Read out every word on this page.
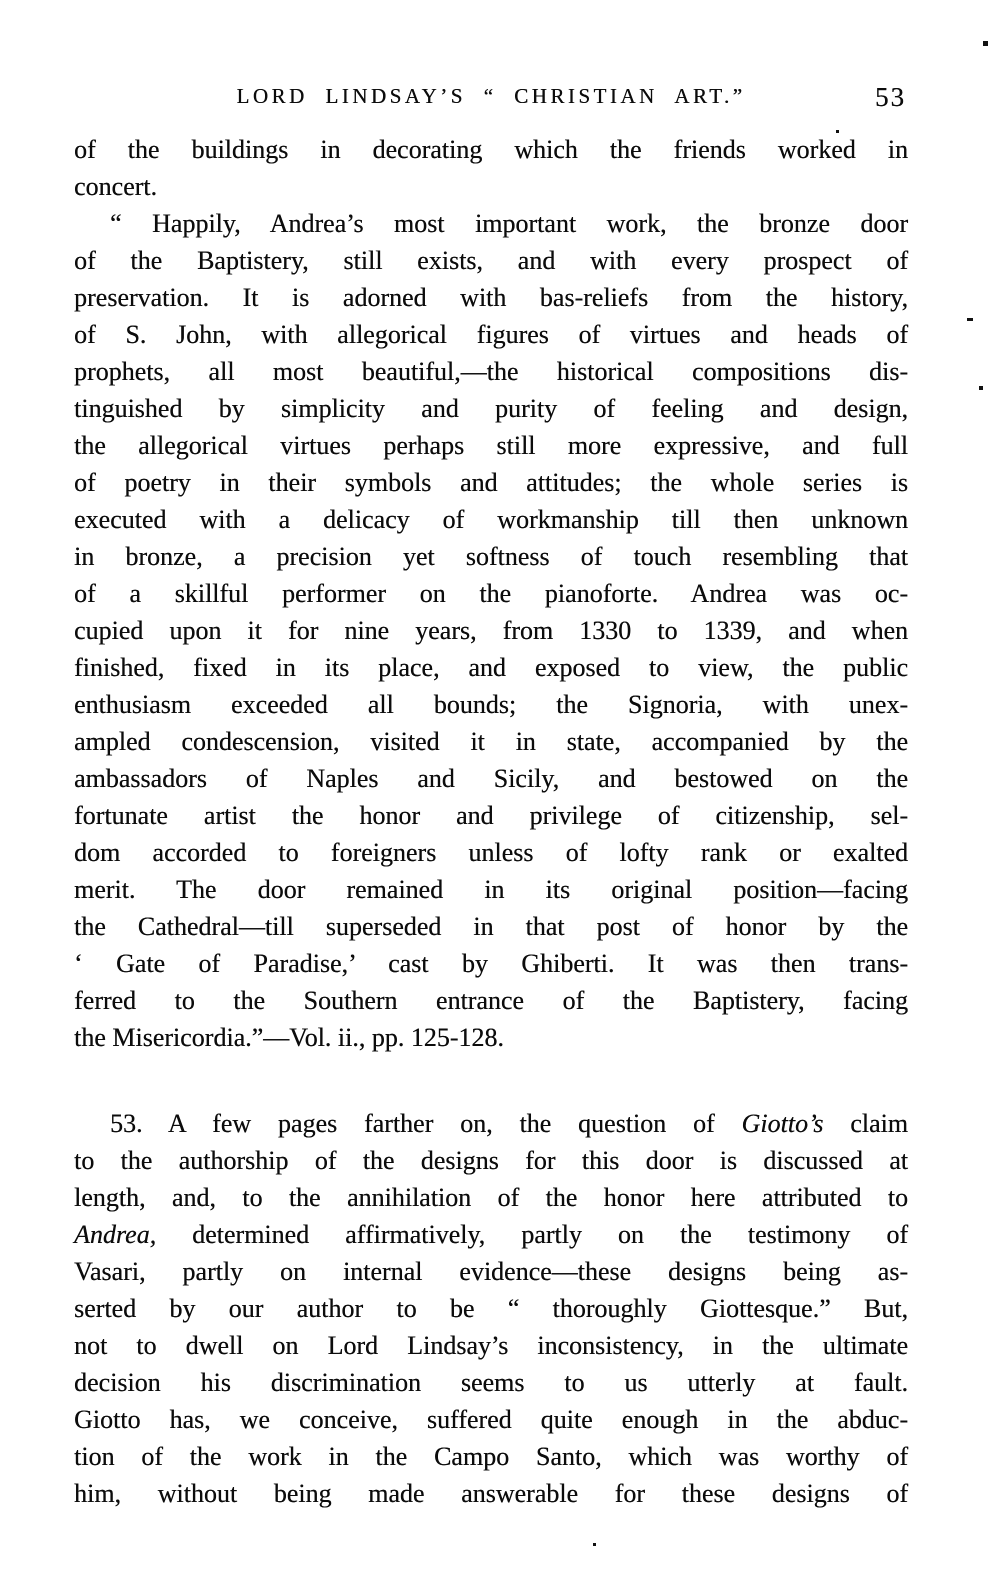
LORD LINDSAY’S “ CHRISTIAN ART.”	53
of the buildings in decorating which the friends worked in
concert.
“ Happily, Andrea’s most important work, the bronze door
of the Baptistery, still exists, and with every prospect of
preservation. It is adorned with bas-reliefs from the history,
of S. John, with allegorical figures of virtues and heads of
prophets, all most beautiful,—the historical compositions dis-
tinguished by simplicity and purity of feeling and design,
the allegorical virtues perhaps still more expressive, and full
of poetry in their symbols and attitudes; the whole series is
executed with a delicacy of workmanship till then unknown
in bronze, a precision yet softness of touch resembling that
of a skillful performer on the pianoforte. Andrea was oc-
cupied upon it for nine years, from 1330 to 1339, and when
finished, fixed in its place, and exposed to view, the public
enthusiasm exceeded all bounds; the Signoria, with unex-
ampled condescension, visited it in state, accompanied by the
ambassadors of Naples and Sicily, and bestowed on the
fortunate artist the honor and privilege of citizenship, sel-
dom accorded to foreigners unless of lofty rank or exalted
merit. The door remained in its original position—facing
the Cathedral—till superseded in that post of honor by the
‘ Gate of Paradise,’ cast by Ghiberti. It was then trans-
ferred to the Southern entrance of the Baptistery, facing
the Misericordia.”—Vol. ii., pp. 125-128.
53. A few pages farther on, the question of Giotto’s claim
to the authorship of the designs for this door is discussed at
length, and, to the annihilation of the honor here attributed to
Andrea, determined affirmatively, partly on the testimony of
Vasari, partly on internal evidence—these designs being as-
serted by our author to be “ thoroughly Giottesque.” But,
not to dwell on Lord Lindsay’s inconsistency, in the ultimate
decision his discrimination seems to us utterly at fault.
Giotto has, we conceive, suffered quite enough in the abduc-
tion of the work in the Campo Santo, which was worthy of
him, without being made answerable for these designs of
